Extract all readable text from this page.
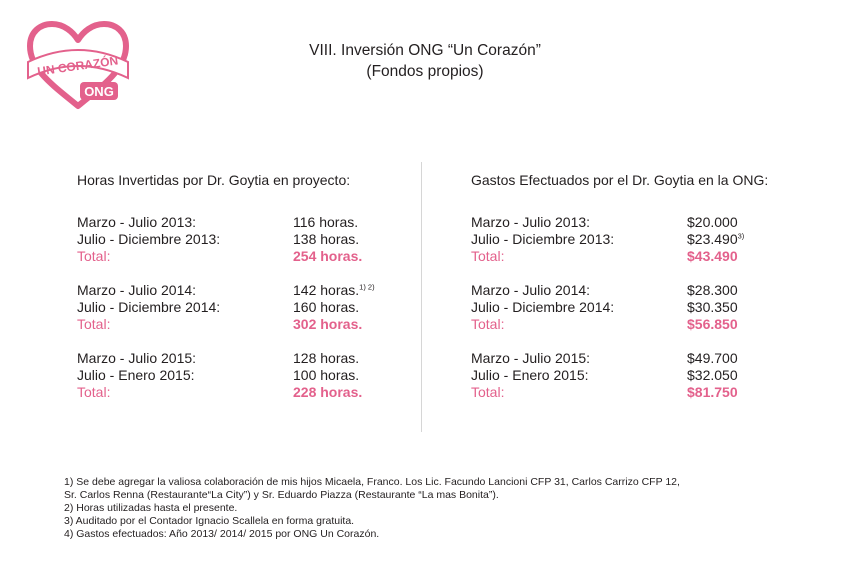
UN CORAZÓN
ONG
VIII. Inversión ONG “Un Corazón”
(Fondos propios)
Horas Invertidas por Dr. Goytia en proyecto:
Marzo - Julio 2013:	116 horas.
Julio - Diciembre 2013:	138 horas.
Total:	254 horas.
Marzo - Julio 2014:	142 horas.$^{1) 2)}$
Julio - Diciembre 2014:	160 horas.
Total:	302 horas.
Marzo - Julio 2015:	128 horas.
Julio - Enero 2015:	100 horas.
Total:	228 horas.
Gastos Efectuados por el Dr. Goytia en la ONG:
Marzo - Julio 2013:	$20.000
Julio - Diciembre 2013:	$23.490$^{3)}$
Total:	$43.490
Marzo - Julio 2014:	$28.300
Julio - Diciembre 2014:	$30.350
Total:	$56.850
Marzo - Julio 2015:	$49.700
Julio - Enero 2015:	$32.050
Total:	$81.750
1) Se debe agregar la valiosa colaboración de mis hijos Micaela, Franco. Los Lic. Facundo Lancioni CFP 31, Carlos Carrizo CFP 12,
Sr. Carlos Renna (Restaurante“La City”) y Sr. Eduardo Piazza (Restaurante “La mas Bonita”).
2) Horas utilizadas hasta el presente.
3) Auditado por el Contador Ignacio Scallela en forma gratuita.
4) Gastos efectuados: Año 2013/ 2014/ 2015 por ONG Un Corazón.
